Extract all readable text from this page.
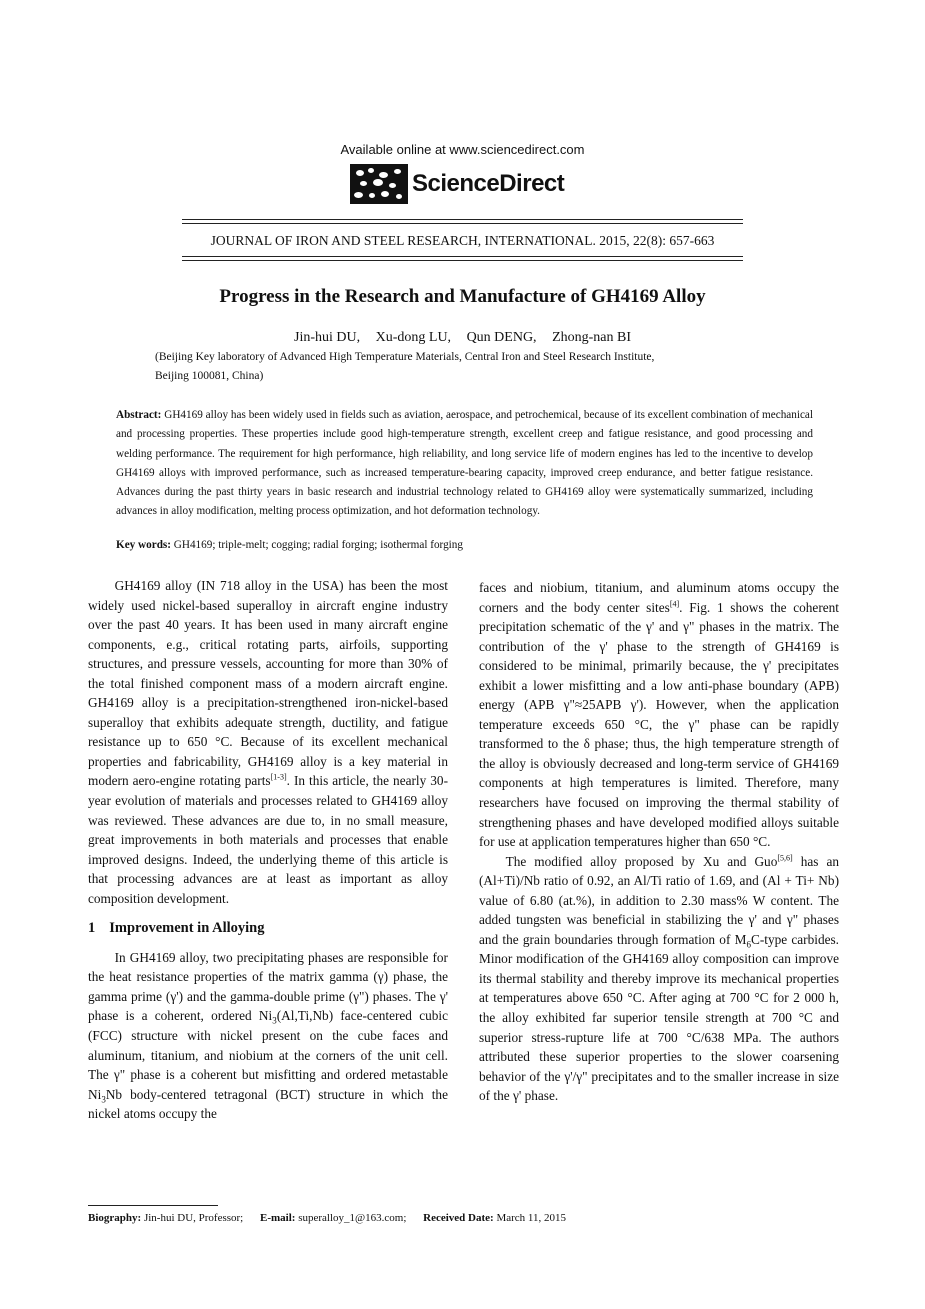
Available online at www.sciencedirect.com
ScienceDirect
JOURNAL OF IRON AND STEEL RESEARCH, INTERNATIONAL. 2015, 22(8): 657-663
Progress in the Research and Manufacture of GH4169 Alloy
Jin-hui DU, Xu-dong LU, Qun DENG, Zhong-nan BI
(Beijing Key laboratory of Advanced High Temperature Materials, Central Iron and Steel Research Institute,
Beijing 100081, China)
Abstract: GH4169 alloy has been widely used in fields such as aviation, aerospace, and petrochemical, because of its excellent combination of mechanical and processing properties. These properties include good high-temperature strength, excellent creep and fatigue resistance, and good processing and welding performance. The requirement for high performance, high reliability, and long service life of modern engines has led to the incentive to develop GH4169 alloys with improved performance, such as increased temperature-bearing capacity, improved creep endurance, and better fatigue resistance. Advances during the past thirty years in basic research and industrial technology related to GH4169 alloy were systematically summarized, including advances in alloy modification, melting process optimization, and hot deformation technology.
Key words: GH4169; triple-melt; cogging; radial forging; isothermal forging

GH4169 alloy (IN 718 alloy in the USA) has been the most widely used nickel-based superalloy in aircraft engine industry over the past 40 years. It has been used in many aircraft engine components, e.g., critical rotating parts, airfoils, supporting structures, and pressure vessels, accounting for more than 30% of the total finished component mass of a modern aircraft engine. GH4169 alloy is a precipitation-strengthened iron-nickel-based superalloy that exhibits adequate strength, ductility, and fatigue resistance up to 650 °C. Because of its excellent mechanical properties and fabricability, GH4169 alloy is a key material in modern aero-engine rotating parts[1-3]. In this article, the nearly 30-year evolution of materials and processes related to GH4169 alloy was reviewed. These advances are due to, in no small measure, great improvements in both materials and processes that enable improved designs. Indeed, the underlying theme of this article is that processing advances are at least as important as alloy composition development.

1 Improvement in Alloying

In GH4169 alloy, two precipitating phases are responsible for the heat resistance properties of the matrix gamma (γ) phase, the gamma prime (γ') and the gamma-double prime (γ") phases. The γ' phase is a coherent, ordered $Ni_3(Al,Ti,Nb)$ face-centered cubic (FCC) structure with nickel present on the cube faces and aluminum, titanium, and niobium at the corners of the unit cell. The γ" phase is a coherent but misfitting and ordered metastable $Ni_3Nb$ body-centered tetragonal (BCT) structure in which the nickel atoms occupy the

faces and niobium, titanium, and aluminum atoms occupy the corners and the body center sites[4]. Fig. 1 shows the coherent precipitation schematic of the γ' and γ" phases in the matrix. The contribution of the γ' phase to the strength of GH4169 is considered to be minimal, primarily because, the γ' precipitates exhibit a lower misfitting and a low anti-phase boundary (APB) energy (APB γ"≈25APB γ'). However, when the application temperature exceeds 650 °C, the γ" phase can be rapidly transformed to the δ phase; thus, the high temperature strength of the alloy is obviously decreased and long-term service of GH4169 components at high temperatures is limited. Therefore, many researchers have focused on improving the thermal stability of strengthening phases and have developed modified alloys suitable for use at application temperatures higher than 650 °C.

The modified alloy proposed by Xu and Guo[5,6] has an (Al+Ti)/Nb ratio of 0.92, an Al/Ti ratio of 1.69, and (Al + Ti+ Nb) value of 6.80 (at.%), in addition to 2.30 mass% W content. The added tungsten was beneficial in stabilizing the γ' and γ" phases and the grain boundaries through formation of $M_6C$-type carbides. Minor modification of the GH4169 alloy composition can improve its thermal stability and thereby improve its mechanical properties at temperatures above 650 °C. After aging at 700 °C for 2 000 h, the alloy exhibited far superior tensile strength at 700 °C and superior stress-rupture life at 700 °C/638 MPa. The authors attributed these superior properties to the slower coarsening behavior of the γ'/γ" precipitates and to the smaller increase in size of the γ' phase.

Biography: Jin-hui DU, Professor; E-mail: superalloy_1@163.com; Received Date: March 11, 2015
